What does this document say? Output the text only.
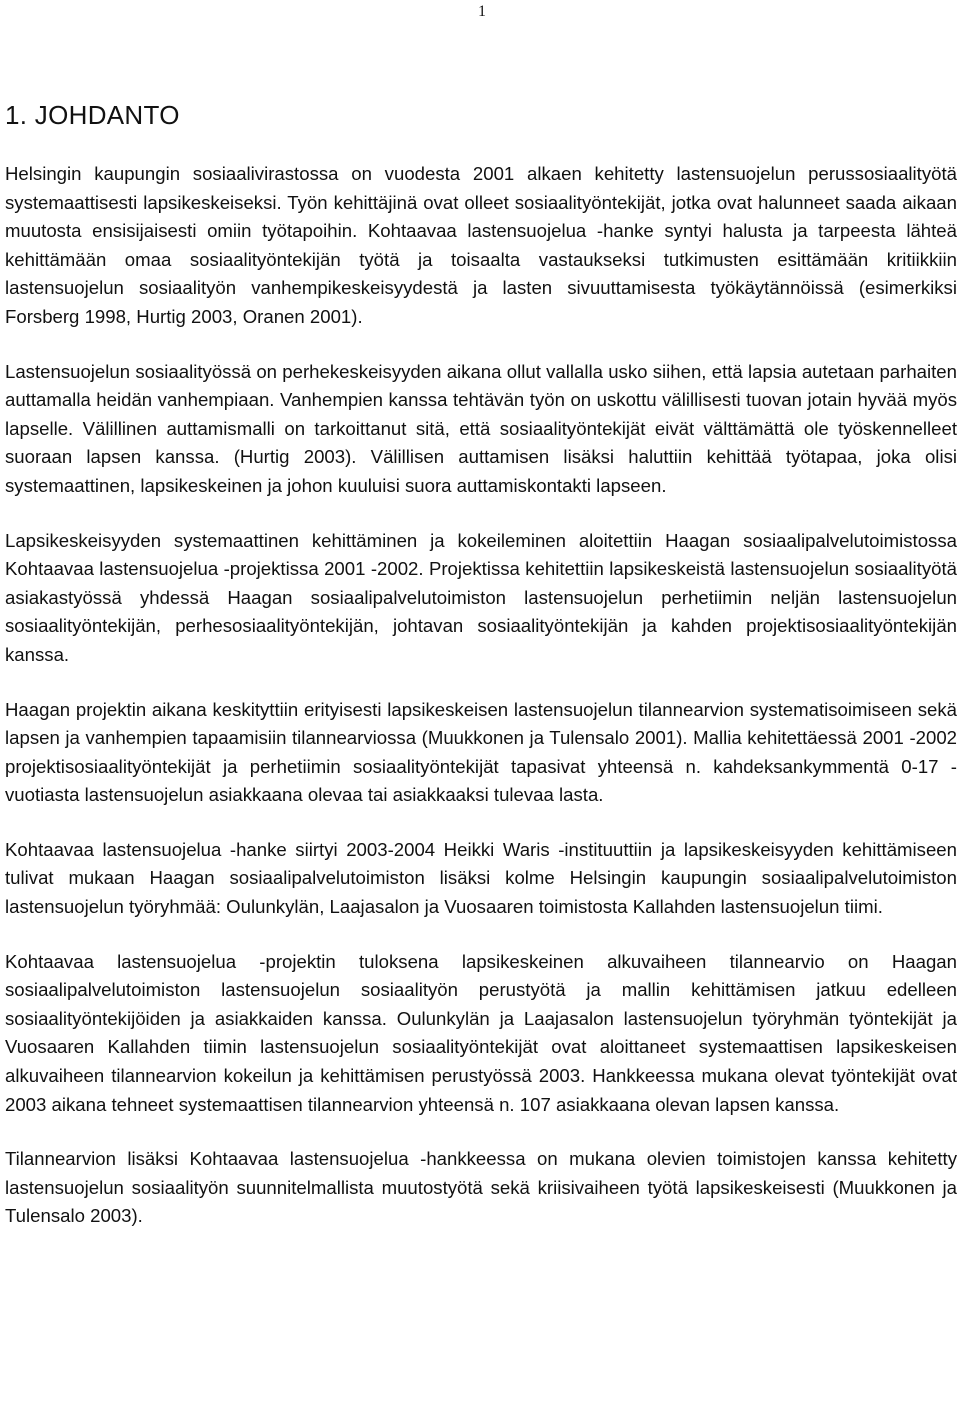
1
1. JOHDANTO

Helsingin kaupungin sosiaalivirastossa on vuodesta 2001 alkaen kehitetty lastensuojelun perussosiaalityötä systemaattisesti lapsikeskeiseksi. Työn kehittäjinä ovat olleet sosiaalityöntekijät, jotka ovat halunneet saada aikaan muutosta ensisijaisesti omiin työtapoihin. Kohtaavaa lastensuojelua -hanke syntyi halusta ja tarpeesta lähteä kehittämään omaa sosiaalityöntekijän työtä ja toisaalta vastaukseksi tutkimusten esittämään kritiikkiin lastensuojelun sosiaalityön vanhempikeskeisyydestä ja lasten sivuuttamisesta työkäytännöissä (esimerkiksi Forsberg 1998, Hurtig 2003, Oranen 2001).

Lastensuojelun sosiaalityössä on perhekeskeisyyden aikana ollut vallalla usko siihen, että lapsia autetaan parhaiten auttamalla heidän vanhempiaan. Vanhempien kanssa tehtävän työn on uskottu välillisesti tuovan jotain hyvää myös lapselle. Välillinen auttamismalli on tarkoittanut sitä, että sosiaalityöntekijät eivät välttämättä ole työskennelleet suoraan lapsen kanssa. (Hurtig 2003). Välillisen auttamisen lisäksi haluttiin kehittää työtapaa, joka olisi systemaattinen, lapsikeskeinen ja johon kuuluisi suora auttamiskontakti lapseen.

Lapsikeskeisyyden systemaattinen kehittäminen ja kokeileminen aloitettiin Haagan sosiaalipalvelutoimistossa Kohtaavaa lastensuojelua -projektissa 2001 -2002. Projektissa kehitettiin lapsikeskeistä lastensuojelun sosiaalityötä asiakastyössä yhdessä Haagan sosiaalipalvelutoimiston lastensuojelun perhetiimin neljän lastensuojelun sosiaalityöntekijän, perhesosiaalityöntekijän, johtavan sosiaalityöntekijän ja kahden projektisosiaalityöntekijän kanssa.

Haagan projektin aikana keskityttiin erityisesti lapsikeskeisen lastensuojelun tilannearvion systematisoimiseen sekä lapsen ja vanhempien tapaamisiin tilannearviossa (Muukkonen ja Tulensalo 2001). Mallia kehitettäessä 2001 -2002 projektisosiaalityöntekijät ja perhetiimin sosiaalityöntekijät tapasivat yhteensä n. kahdeksankymmentä 0-17 -vuotiasta lastensuojelun asiakkaana olevaa tai asiakkaaksi tulevaa lasta.

Kohtaavaa lastensuojelua -hanke siirtyi 2003-2004 Heikki Waris -instituuttiin ja lapsikeskeisyyden kehittämiseen tulivat mukaan Haagan sosiaalipalvelutoimiston lisäksi kolme Helsingin kaupungin sosiaalipalvelutoimiston lastensuojelun työryhmää: Oulunkylän, Laajasalon ja Vuosaaren toimistosta Kallahden lastensuojelun tiimi.

Kohtaavaa lastensuojelua -projektin tuloksena lapsikeskeinen alkuvaiheen tilannearvio on Haagan sosiaalipalvelutoimiston lastensuojelun sosiaalityön perustyötä ja mallin kehittämisen jatkuu edelleen sosiaalityöntekijöiden ja asiakkaiden kanssa. Oulunkylän ja Laajasalon lastensuojelun työryhmän työntekijät ja Vuosaaren Kallahden tiimin lastensuojelun sosiaalityöntekijät ovat aloittaneet systemaattisen lapsikeskeisen alkuvaiheen tilannearvion kokeilun ja kehittämisen perustyössä 2003. Hankkeessa mukana olevat työntekijät ovat 2003 aikana tehneet systemaattisen tilannearvion yhteensä n. 107 asiakkaana olevan lapsen kanssa.

Tilannearvion lisäksi Kohtaavaa lastensuojelua -hankkeessa on mukana olevien toimistojen kanssa kehitetty lastensuojelun sosiaalityön suunnitelmallista muutostyötä sekä kriisivaiheen työtä lapsikeskeisesti (Muukkonen ja Tulensalo 2003).
